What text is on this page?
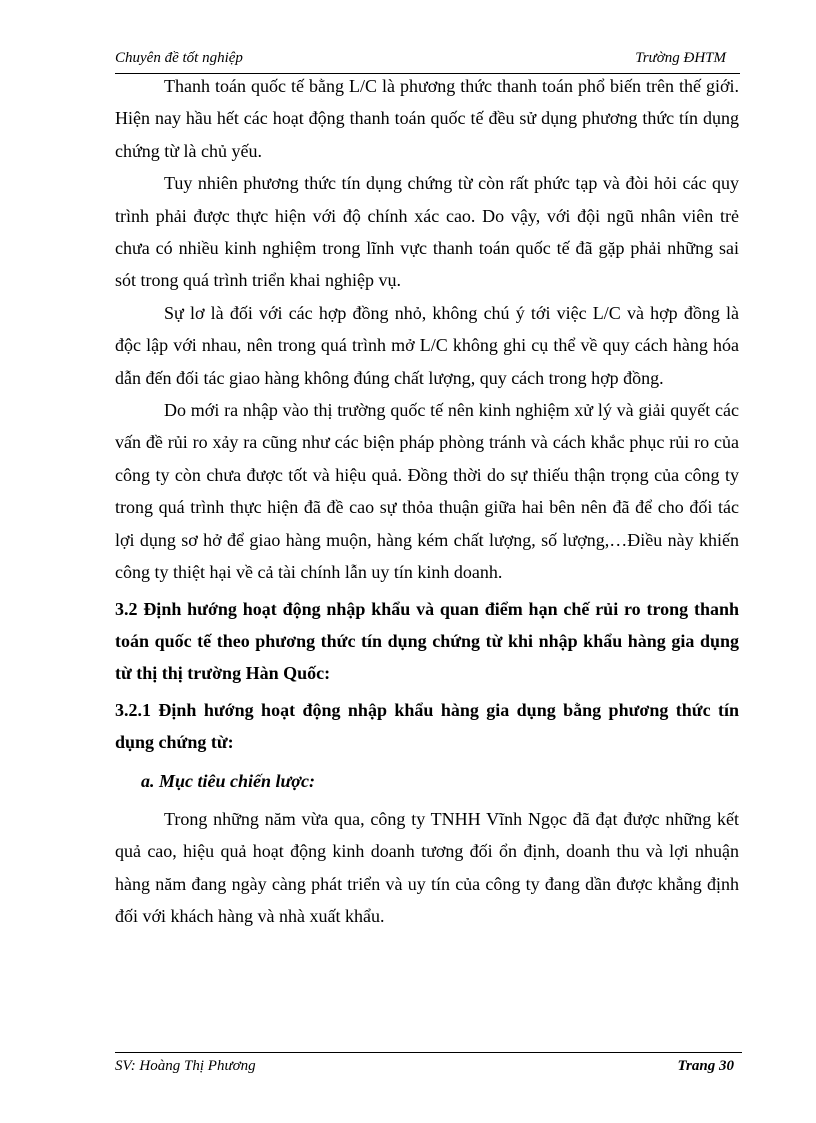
Chuyên đề tốt nghiệp	Trường ĐHTM

Thanh toán quốc tế bằng L/C là phương thức thanh toán phổ biến trên thế giới. Hiện nay hầu hết các hoạt động thanh toán quốc tế đều sử dụng phương thức tín dụng chứng từ là chủ yếu.

Tuy nhiên phương thức tín dụng chứng từ còn rất phức tạp và đòi hỏi các quy trình phải được thực hiện với độ chính xác cao. Do vậy, với đội ngũ nhân viên trẻ chưa có nhiều kinh nghiệm trong lĩnh vực thanh toán quốc tế đã gặp phải những sai sót trong quá trình triển khai nghiệp vụ.

Sự lơ là đối với các hợp đồng nhỏ, không chú ý tới việc L/C và hợp đồng là độc lập với nhau, nên trong quá trình mở L/C không ghi cụ thể về quy cách hàng hóa dẫn đến đối tác giao hàng không đúng chất lượng, quy cách trong hợp đồng.

Do mới ra nhập vào thị trường quốc tế nên kinh nghiệm xử lý và giải quyết các vấn đề rủi ro xảy ra cũng như các biện pháp phòng tránh và cách khắc phục rủi ro của công ty còn chưa được tốt và hiệu quả. Đồng thời do sự thiếu thận trọng của công ty trong quá trình thực hiện đã đề cao sự thỏa thuận giữa hai bên nên đã để cho đối tác lợi dụng sơ hở để giao hàng muộn, hàng kém chất lượng, số lượng,…Điều này khiến công ty thiệt hại về cả tài chính lẫn uy tín kinh doanh.

3.2 Định hướng hoạt động nhập khẩu và quan điểm hạn chế rủi ro trong thanh toán quốc tế theo phương thức tín dụng chứng từ khi nhập khẩu hàng gia dụng từ thị thị trường Hàn Quốc:

3.2.1 Định hướng hoạt động nhập khẩu hàng gia dụng bằng phương thức tín dụng chứng từ:

a. Mục tiêu chiến lược:

Trong những năm vừa qua, công ty TNHH Vĩnh Ngọc đã đạt được những kết quả cao, hiệu quả hoạt động kinh doanh tương đối ổn định, doanh thu và lợi nhuận hàng năm đang ngày càng phát triển và uy tín của công ty đang dần được khẳng định đối với khách hàng và nhà xuất khẩu.

SV: Hoàng Thị Phương	Trang 30
